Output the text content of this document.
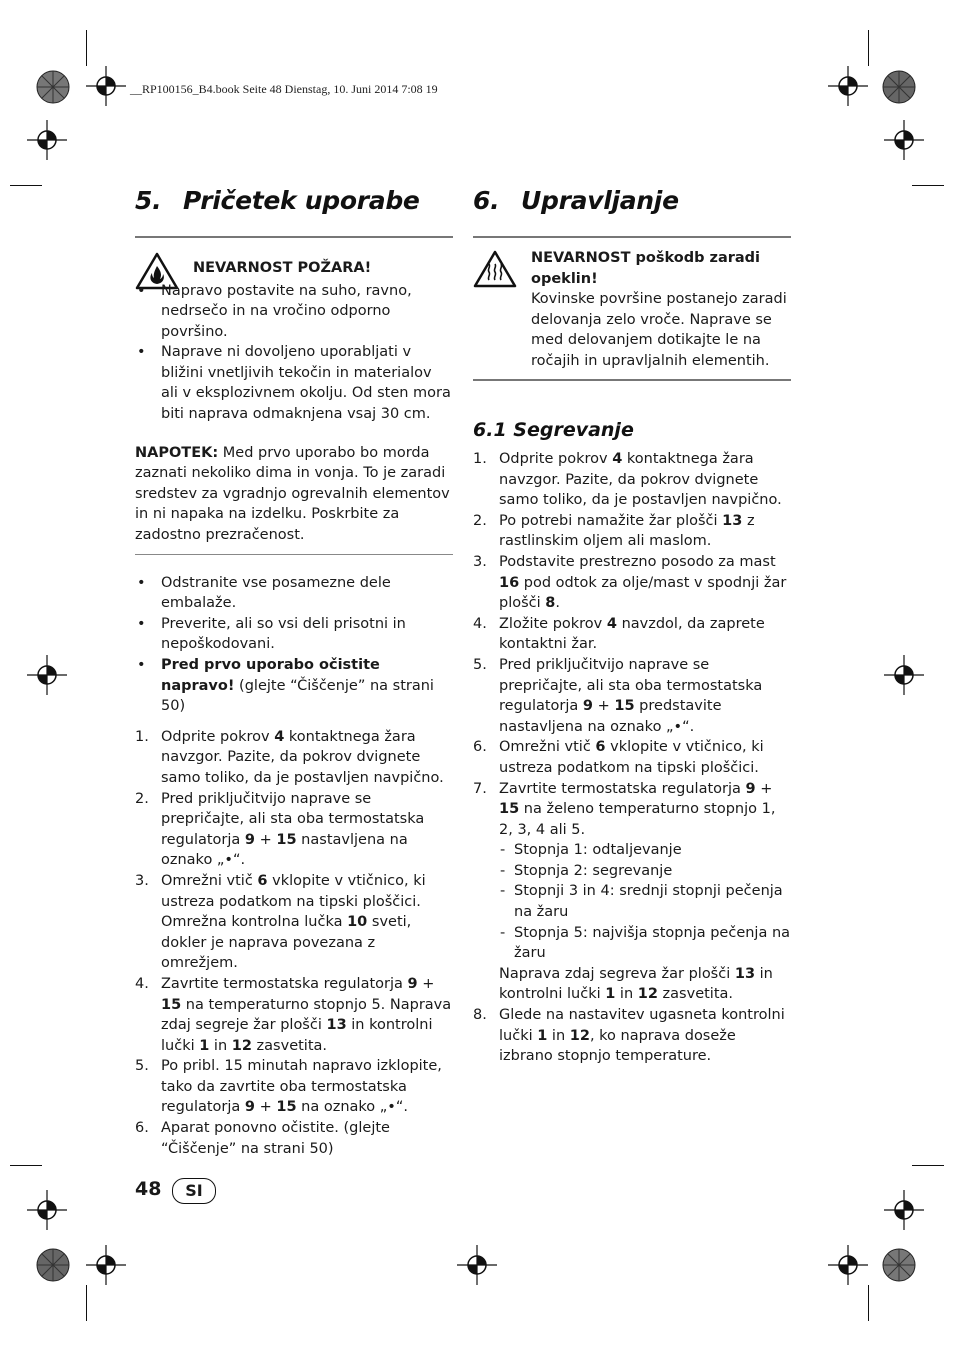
__RP100156_B4.book Seite 48 Dienstag, 10. Juni 2014 7:08 19
5. Pričetek uporabe
NEVARNOST POŽARA!
• Napravo postavite na suho, ravno, nedrsečo in na vročino odporno površino.
• Naprave ni dovoljeno uporabljati v bližini vnetljivih tekočin in materialov ali v eksplozivnem okolju. Od sten mora biti naprava odmaknjena vsaj 30 cm.
NAPOTEK: Med prvo uporabo bo morda zaznati nekoliko dima in vonja. To je zaradi sredstev za vgradnjo ogrevalnih elementov in ni napaka na izdelku. Poskrbite za zadostno prezračenost.
• Odstranite vse posamezne dele embalaže.
• Preverite, ali so vsi deli prisotni in nepoškodovani.
• Pred prvo uporabo očistite napravo! (glejte “Čiščenje” na strani 50)
1. Odprite pokrov 4 kontaktnega žara navzgor. Pazite, da pokrov dvignete samo toliko, da je postavljen navpično.
2. Pred priključitvijo naprave se prepričajte, ali sta oba termostatska regulatorja 9 + 15 nastavljena na oznako „•“.
3. Omrežni vtič 6 vklopite v vtičnico, ki ustreza podatkom na tipski ploščici. Omrežna kontrolna lučka 10 sveti, dokler je naprava povezana z omrežjem.
4. Zavrtite termostatska regulatorja 9 + 15 na temperaturno stopnjo 5. Naprava zdaj segreje žar plošči 13 in kontrolni lučki 1 in 12 zasvetita.
5. Po pribl. 15 minutah napravo izklopite, tako da zavrtite oba termostatska regulatorja 9 + 15 na oznako „•“.
6. Aparat ponovno očistite. (glejte “Čiščenje” na strani 50)
6. Upravljanje
NEVARNOST poškodb zaradi opeklin!
Kovinske površine postanejo zaradi delovanja zelo vroče. Naprave se med delovanjem dotikajte le na ročajih in upravljalnih elementih.
6.1 Segrevanje
1. Odprite pokrov 4 kontaktnega žara navzgor. Pazite, da pokrov dvignete samo toliko, da je postavljen navpično.
2. Po potrebi namažite žar plošči 13 z rastlinskim oljem ali maslom.
3. Podstavite prestrezno posodo za mast 16 pod odtok za olje/mast v spodnji žar plošči 8.
4. Zložite pokrov 4 navzdol, da zaprete kontaktni žar.
5. Pred priključitvijo naprave se prepričajte, ali sta oba termostatska regulatorja 9 + 15 predstavite nastavljena na oznako „•“.
6. Omrežni vtič 6 vklopite v vtičnico, ki ustreza podatkom na tipski ploščici.
7. Zavrtite termostatska regulatorja 9 + 15 na želeno temperaturno stopnjo 1, 2, 3, 4 ali 5.
- Stopnja 1: odtaljevanje
- Stopnja 2: segrevanje
- Stopnji 3 in 4: srednji stopnji pečenja na žaru
- Stopnja 5: najvišja stopnja pečenja na žaru
Naprava zdaj segreva žar plošči 13 in kontrolni lučki 1 in 12 zasvetita.
8. Glede na nastavitev ugasneta kontrolni lučki 1 in 12, ko naprava doseže izbrano stopnjo temperature.
48	SI
